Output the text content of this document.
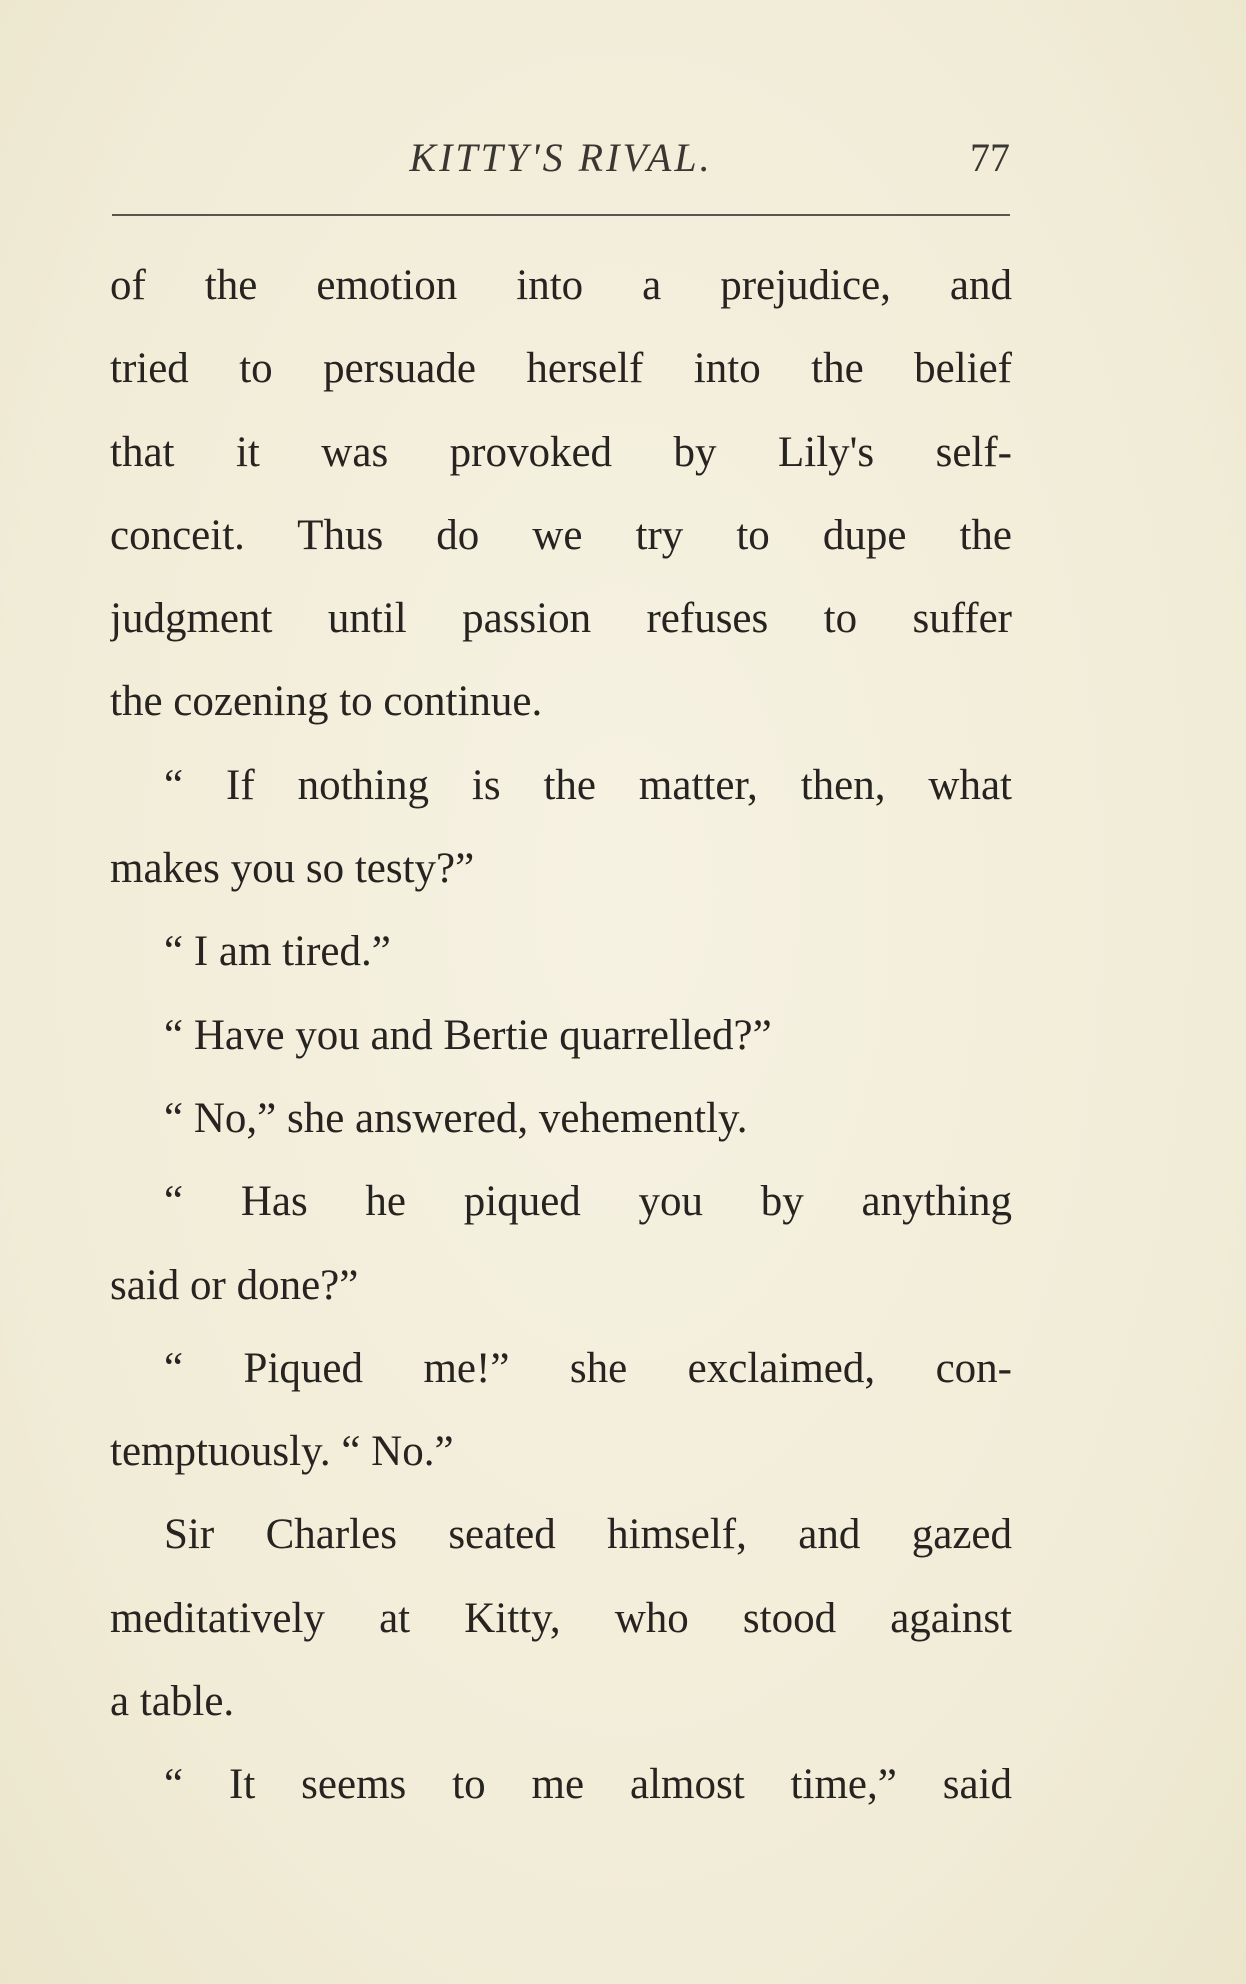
KITTY'S RIVAL.	77
of the emotion into a prejudice, and
tried to persuade herself into the belief
that it was provoked by Lily's self-
conceit. Thus do we try to dupe the
judgment until passion refuses to suffer
the cozening to continue.
“ If nothing is the matter, then, what
makes you so testy?”
“ I am tired.”
“ Have you and Bertie quarrelled?”
“ No,” she answered, vehemently.
“ Has he piqued you by anything
said or done?”
“ Piqued me!” she exclaimed, con-
temptuously. “ No.”
Sir Charles seated himself, and gazed
meditatively at Kitty, who stood against
a table.
“ It seems to me almost time,” said
